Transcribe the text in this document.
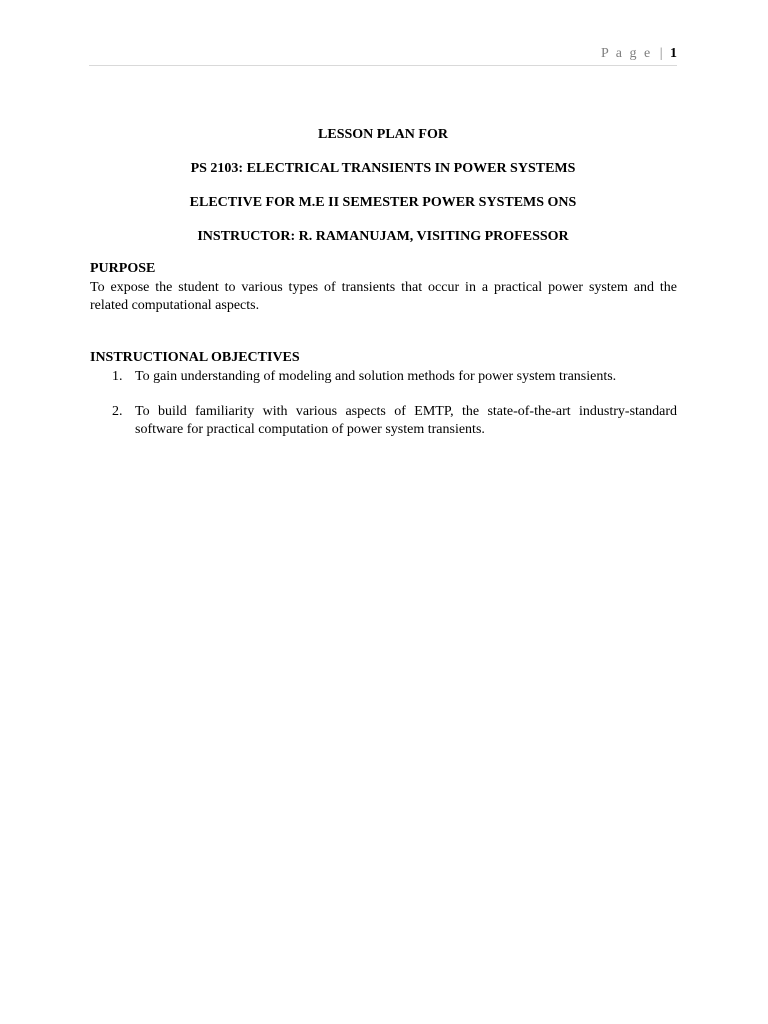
P a g e | 1
LESSON PLAN FOR
PS 2103: ELECTRICAL TRANSIENTS IN POWER SYSTEMS
ELECTIVE FOR M.E II SEMESTER POWER SYSTEMS ONS
INSTRUCTOR: R. RAMANUJAM, VISITING PROFESSOR
PURPOSE
To expose the student to various types of transients that occur in a practical power system and the related computational aspects.
INSTRUCTIONAL OBJECTIVES
1. To gain understanding of modeling and solution methods for power system transients.
2. To build familiarity with various aspects of EMTP, the state-of-the-art industry-standard software for practical computation of power system transients.
